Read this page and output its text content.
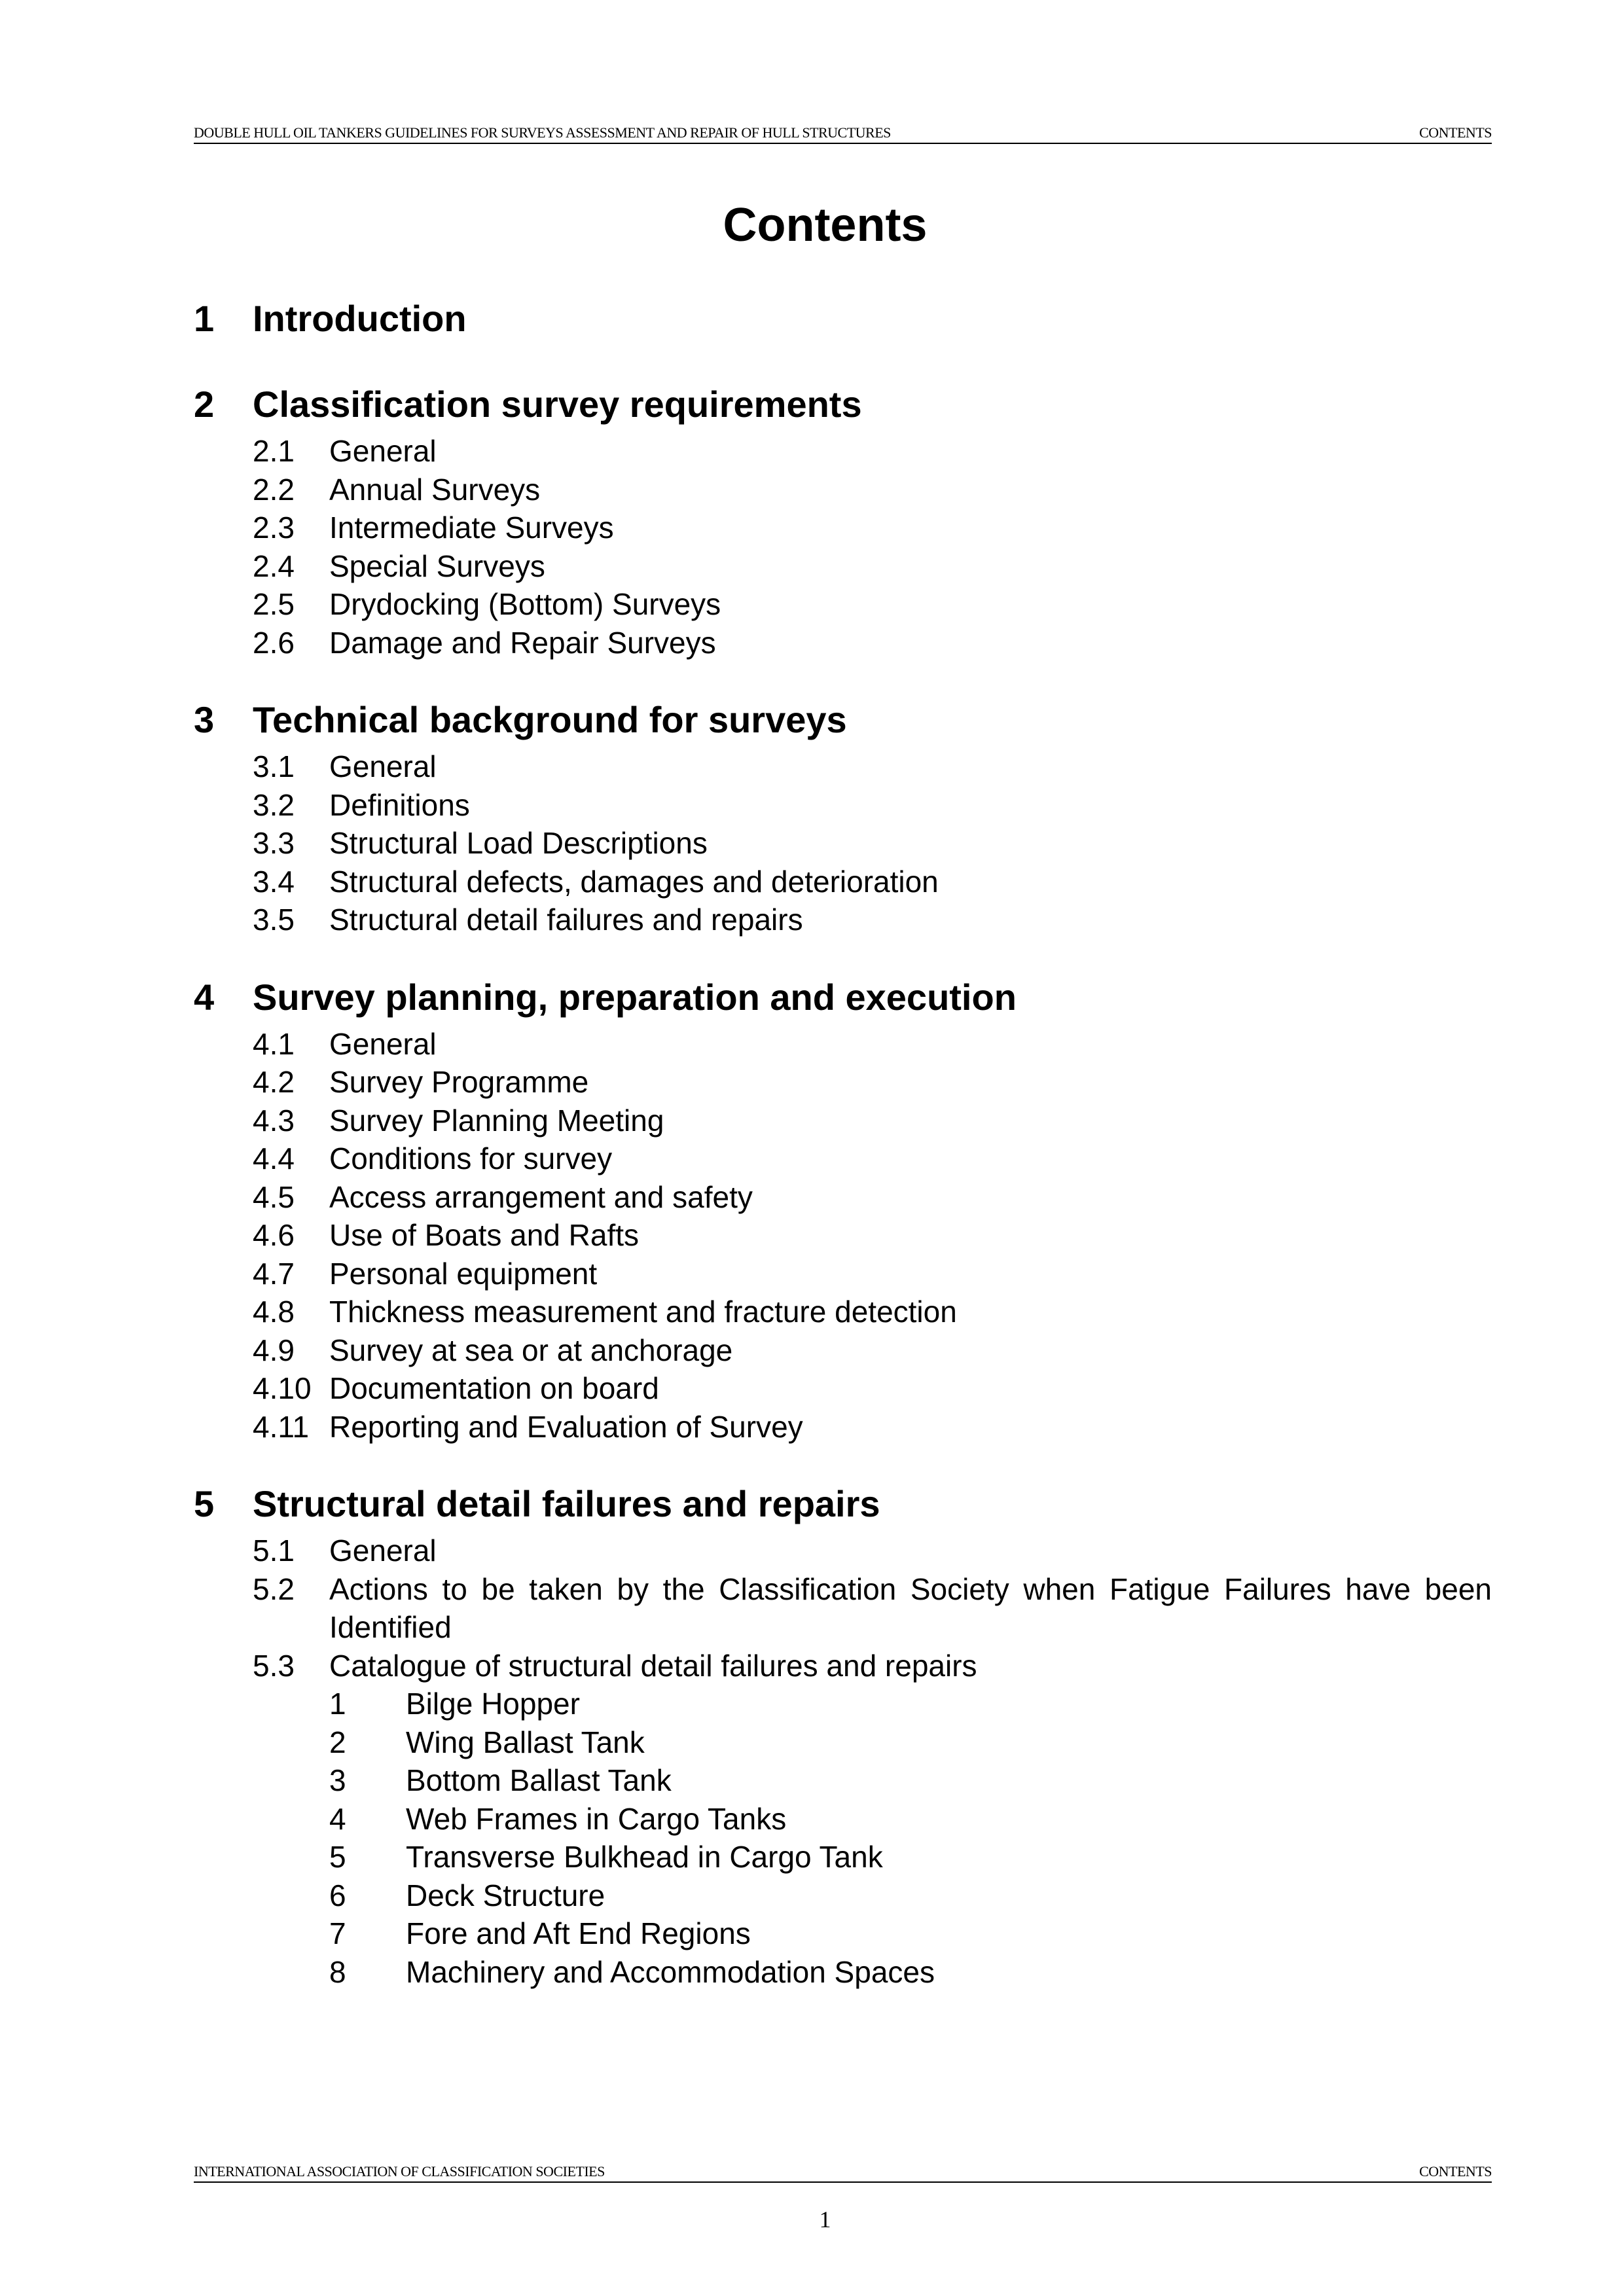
DOUBLE HULL OIL TANKERS GUIDELINES FOR SURVEYS ASSESSMENT AND REPAIR OF HULL STRUCTURES	CONTENTS
Contents
1	Introduction
2	Classification survey requirements
2.1	General
2.2	Annual Surveys
2.3	Intermediate Surveys
2.4	Special Surveys
2.5	Drydocking (Bottom) Surveys
2.6	Damage and Repair Surveys
3	Technical background for surveys
3.1	General
3.2	Definitions
3.3	Structural Load Descriptions
3.4	Structural defects, damages and deterioration
3.5	Structural detail failures and repairs
4	Survey planning, preparation and execution
4.1	General
4.2	Survey Programme
4.3	Survey Planning Meeting
4.4	Conditions for survey
4.5	Access arrangement and safety
4.6	Use of Boats and Rafts
4.7	Personal equipment
4.8	Thickness measurement and fracture detection
4.9	Survey at sea or at anchorage
4.10 Documentation on board
4.11 Reporting and Evaluation of Survey
5	Structural detail failures and repairs
5.1	General
5.2	Actions to be taken by the Classification Society when Fatigue Failures have been Identified
5.3	Catalogue of structural detail failures and repairs
1	Bilge Hopper
2	Wing Ballast Tank
3	Bottom Ballast Tank
4	Web Frames in Cargo Tanks
5	Transverse Bulkhead in Cargo Tank
6	Deck Structure
7	Fore and Aft End Regions
8	Machinery and Accommodation Spaces
INTERNATIONAL ASSOCIATION OF CLASSIFICATION SOCIETIES	CONTENTS
1
